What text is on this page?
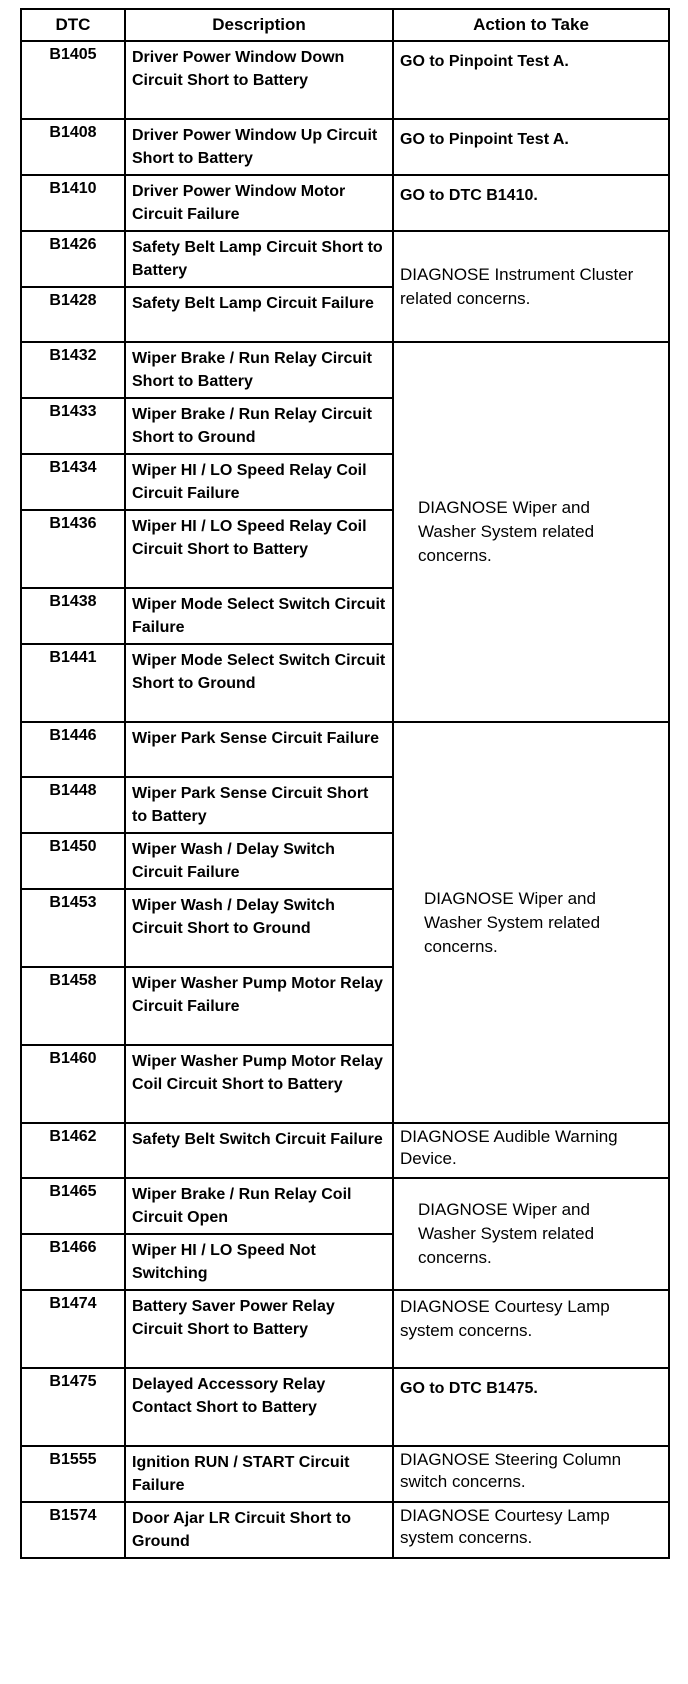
DTC	Description	Action to Take
B1405	Driver Power Window Down Circuit Short to Battery	GO to Pinpoint Test A.
B1408	Driver Power Window Up Circuit Short to Battery	GO to Pinpoint Test A.
B1410	Driver Power Window Motor Circuit Failure	GO to DTC B1410.
B1426	Safety Belt Lamp Circuit Short to Battery	DIAGNOSE Instrument Cluster related concerns.
B1428	Safety Belt Lamp Circuit Failure	
B1432	Wiper Brake / Run Relay Circuit Short to Battery	DIAGNOSE Wiper and Washer System related concerns.
B1433	Wiper Brake / Run Relay Circuit Short to Ground	
B1434	Wiper HI / LO Speed Relay Coil Circuit Failure	
B1436	Wiper HI / LO Speed Relay Coil Circuit Short to Battery	
B1438	Wiper Mode Select Switch Circuit Failure	
B1441	Wiper Mode Select Switch Circuit Short to Ground	
B1446	Wiper Park Sense Circuit Failure	DIAGNOSE Wiper and Washer System related concerns.
B1448	Wiper Park Sense Circuit Short to Battery	
B1450	Wiper Wash / Delay Switch Circuit Failure	
B1453	Wiper Wash / Delay Switch Circuit Short to Ground	
B1458	Wiper Washer Pump Motor Relay Circuit Failure	
B1460	Wiper Washer Pump Motor Relay Coil Circuit Short to Battery	
B1462	Safety Belt Switch Circuit Failure	DIAGNOSE Audible Warning Device.
B1465	Wiper Brake / Run Relay Coil Circuit Open	DIAGNOSE Wiper and Washer System related concerns.
B1466	Wiper HI / LO Speed Not Switching	
B1474	Battery Saver Power Relay Circuit Short to Battery	DIAGNOSE Courtesy Lamp system concerns.
B1475	Delayed Accessory Relay Contact Short to Battery	GO to DTC B1475.
B1555	Ignition RUN / START Circuit Failure	DIAGNOSE Steering Column switch concerns.
B1574	Door Ajar LR Circuit Short to Ground	DIAGNOSE Courtesy Lamp system concerns.
